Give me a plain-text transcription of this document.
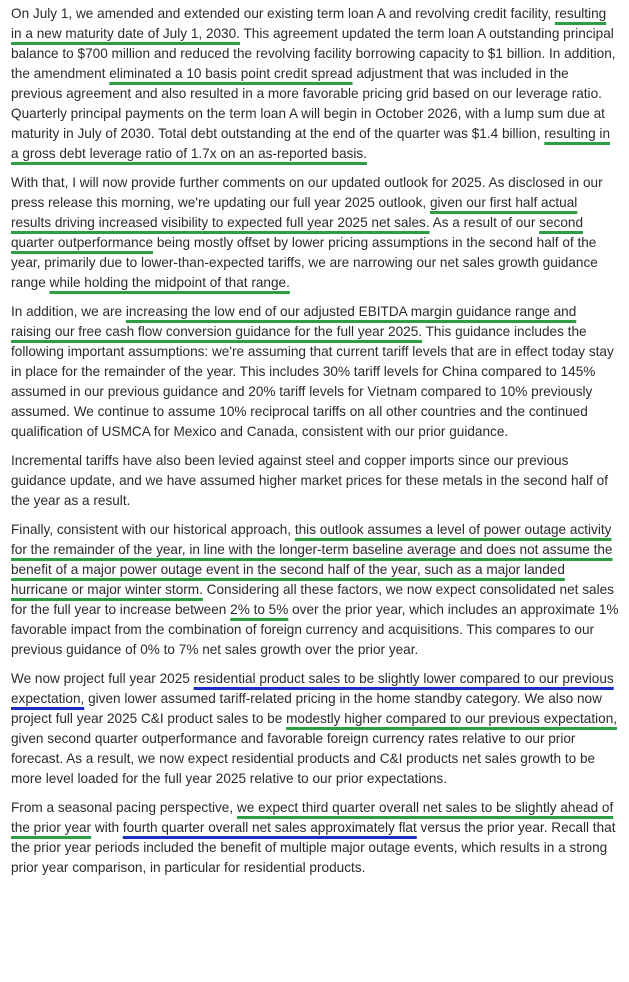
On July 1, we amended and extended our existing term loan A and revolving credit facility, resulting in a new maturity date of July 1, 2030. This agreement updated the term loan A outstanding principal balance to $700 million and reduced the revolving facility borrowing capacity to $1 billion. In addition, the amendment eliminated a 10 basis point credit spread adjustment that was included in the previous agreement and also resulted in a more favorable pricing grid based on our leverage ratio. Quarterly principal payments on the term loan A will begin in October 2026, with a lump sum due at maturity in July of 2030. Total debt outstanding at the end of the quarter was $1.4 billion, resulting in a gross debt leverage ratio of 1.7x on an as-reported basis.

With that, I will now provide further comments on our updated outlook for 2025. As disclosed in our press release this morning, we're updating our full year 2025 outlook, given our first half actual results driving increased visibility to expected full year 2025 net sales. As a result of our second quarter outperformance being mostly offset by lower pricing assumptions in the second half of the year, primarily due to lower-than-expected tariffs, we are narrowing our net sales growth guidance range while holding the midpoint of that range.

In addition, we are increasing the low end of our adjusted EBITDA margin guidance range and raising our free cash flow conversion guidance for the full year 2025. This guidance includes the following important assumptions: we're assuming that current tariff levels that are in effect today stay in place for the remainder of the year. This includes 30% tariff levels for China compared to 145% assumed in our previous guidance and 20% tariff levels for Vietnam compared to 10% previously assumed. We continue to assume 10% reciprocal tariffs on all other countries and the continued qualification of USMCA for Mexico and Canada, consistent with our prior guidance.

Incremental tariffs have also been levied against steel and copper imports since our previous guidance update, and we have assumed higher market prices for these metals in the second half of the year as a result.

Finally, consistent with our historical approach, this outlook assumes a level of power outage activity for the remainder of the year, in line with the longer-term baseline average and does not assume the benefit of a major power outage event in the second half of the year, such as a major landed hurricane or major winter storm. Considering all these factors, we now expect consolidated net sales for the full year to increase between 2% to 5% over the prior year, which includes an approximate 1% favorable impact from the combination of foreign currency and acquisitions. This compares to our previous guidance of 0% to 7% net sales growth over the prior year.

We now project full year 2025 residential product sales to be slightly lower compared to our previous expectation, given lower assumed tariff-related pricing in the home standby category. We also now project full year 2025 C&I product sales to be modestly higher compared to our previous expectation, given second quarter outperformance and favorable foreign currency rates relative to our prior forecast. As a result, we now expect residential products and C&I products net sales growth to be more level loaded for the full year 2025 relative to our prior expectations.

From a seasonal pacing perspective, we expect third quarter overall net sales to be slightly ahead of the prior year with fourth quarter overall net sales approximately flat versus the prior year. Recall that the prior year periods included the benefit of multiple major outage events, which results in a strong prior year comparison, in particular for residential products.
